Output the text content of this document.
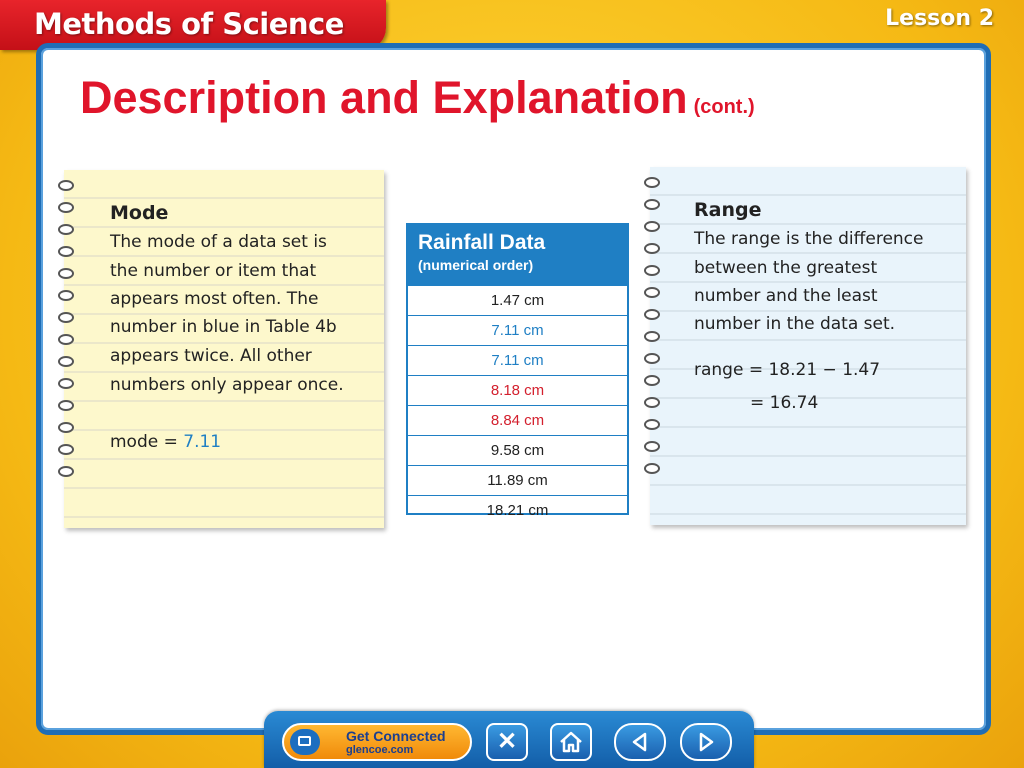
Methods of Science	Lesson 2
Description and Explanation (cont.)
Mode
The mode of a data set is
the number or item that
appears most often. The
number in blue in Table 4b
appears twice. All other
numbers only appear once.
mode = 7.11
Rainfall Data
(numerical order)
1.47 cm
7.11 cm
7.11 cm
8.18 cm
8.84 cm
9.58 cm
11.89 cm
18.21 cm
Range
The range is the difference
between the greatest
number and the least
number in the data set.
range = 18.21 − 1.47
= 16.74
Get Connected
glencoe.com	✕
